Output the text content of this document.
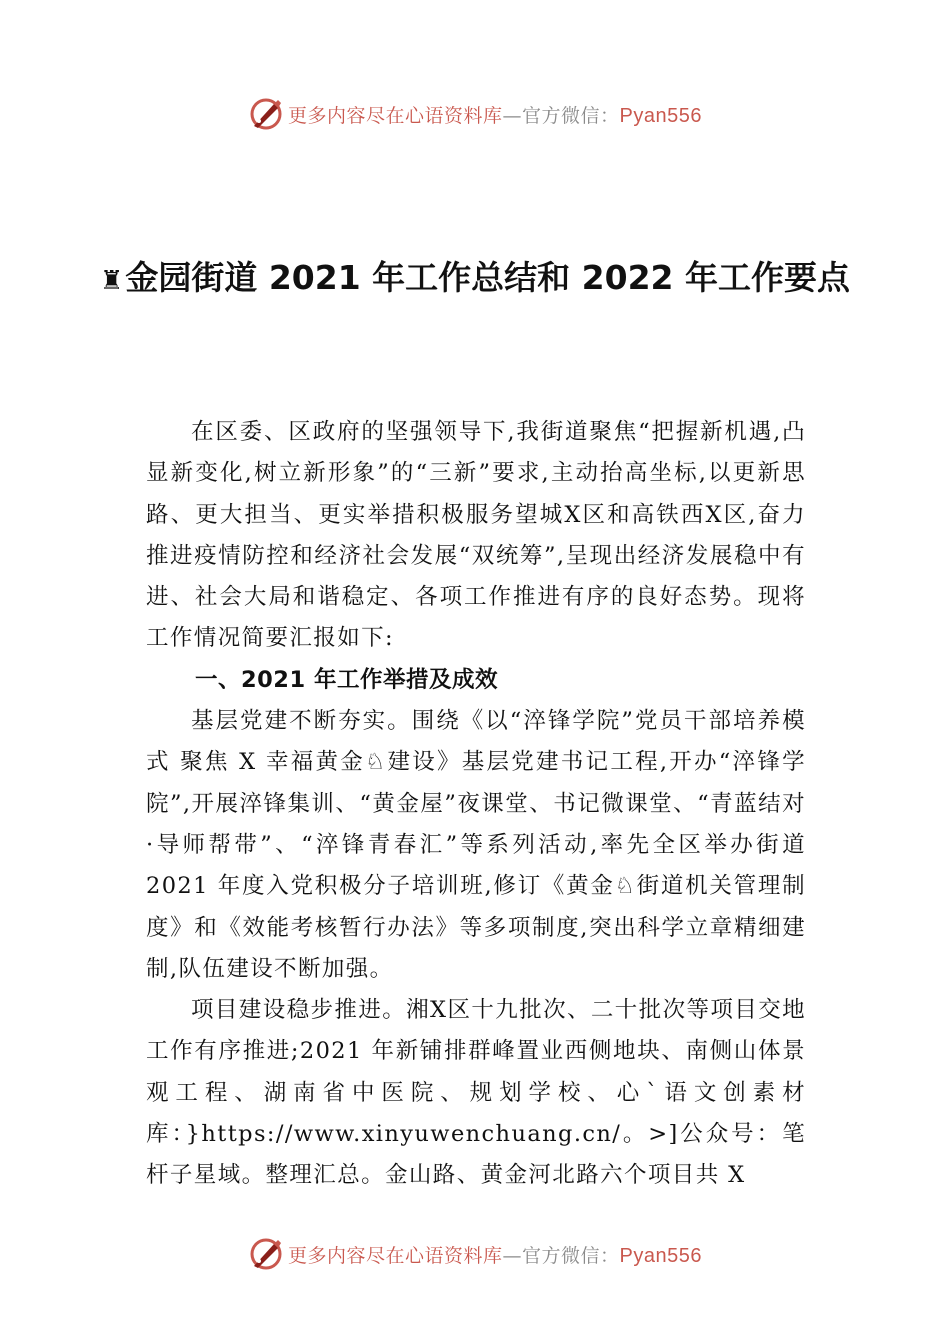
更多内容尽在心语资料库—官方微信：Pyan556
♜金园街道 2021 年工作总结和 2022 年工作要点

在区委、区政府的坚强领导下,我街道聚焦“把握新机遇,凸显新变化,树立新形象”的“三新”要求,主动抬高坐标,以更新思路、更大担当、更实举措积极服务望城X区和高铁西X区,奋力推进疫情防控和经济社会发展“双统筹”,呈现出经济发展稳中有进、社会大局和谐稳定、各项工作推进有序的良好态势。现将工作情况简要汇报如下:

一、2021 年工作举措及成效

基层党建不断夯实。围绕《以“淬锋学院”党员干部培养模式 聚焦 X 幸福黄金♘建设》基层党建书记工程,开办“淬锋学院”,开展淬锋集训、“黄金屋”夜课堂、书记微课堂、“青蓝结对·导师帮带”、“淬锋青春汇”等系列活动,率先全区举办街道 2021 年度入党积极分子培训班,修订《黄金♘街道机关管理制度》和《效能考核暂行办法》等多项制度,突出科学立章精细建制,队伍建设不断加强。

项目建设稳步推进。湘X区十九批次、二十批次等项目交地工作有序推进;2021 年新铺排群峰置业西侧地块、南侧山体景观工程、湖南省中医院、规划学校、心`语文创素材库：}https://www.xinyuwenchuang.cn/。>]公众号：笔杆子星域。整理汇总。金山路、黄金河北路六个项目共 X

更多内容尽在心语资料库—官方微信：Pyan556
